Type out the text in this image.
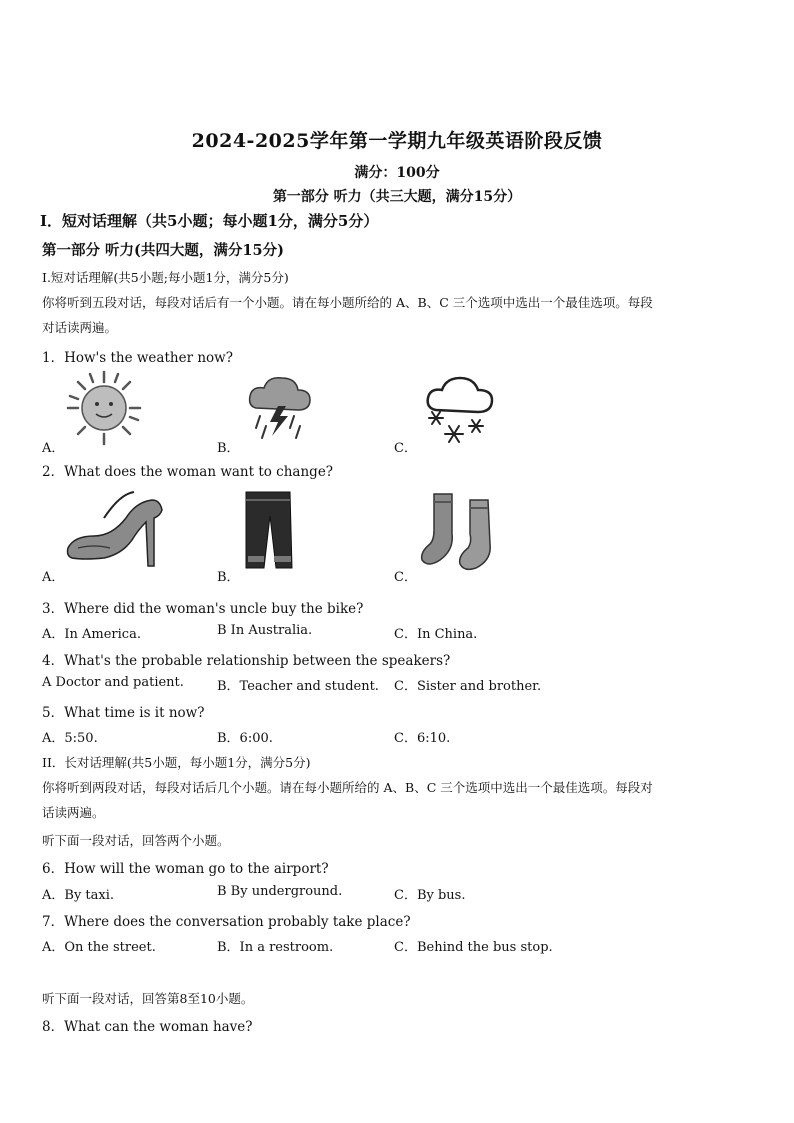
2024-2025学年第一学期九年级英语阶段反馈
满分：100分
第一部分 听力（共三大题，满分15分）
Ⅰ．短对话理解（共5小题；每小题1分，满分5分）
第一部分 听力(共四大题，满分15分)
I.短对话理解(共5小题;每小题1分，满分5分)
你将听到五段对话，每段对话后有一个小题。请在每小题所给的 A、B、C 三个选项中选出一个最佳选项。每段
对话读两遍。
1．How's the weather now?
A．	B．	C．
2．What does the woman want to change?
A．	B．	C．
3．Where did the woman's uncle buy the bike?
A．In America.	B In Australia.	C．In China.
4．What's the probable relationship between the speakers?
A Doctor and patient.	B．Teacher and student. C．Sister and brother.
5．What time is it now?
A．5:50.	B．6:00.	C．6:10.
II．长对话理解(共5小题，每小题1分，满分5分)
你将听到两段对话，每段对话后几个小题。请在每小题所给的 A、B、C 三个选项中选出一个最佳选项。每段对
话读两遍。
听下面一段对话，回答两个小题。
6．How will the woman go to the airport?
A．By taxi.	B By underground.	C．By bus.
7．Where does the conversation probably take place?
A．On the street.	B．In a restroom.	C．Behind the bus stop.
听下面一段对话，回答第8至10小题。
8．What can the woman have?
